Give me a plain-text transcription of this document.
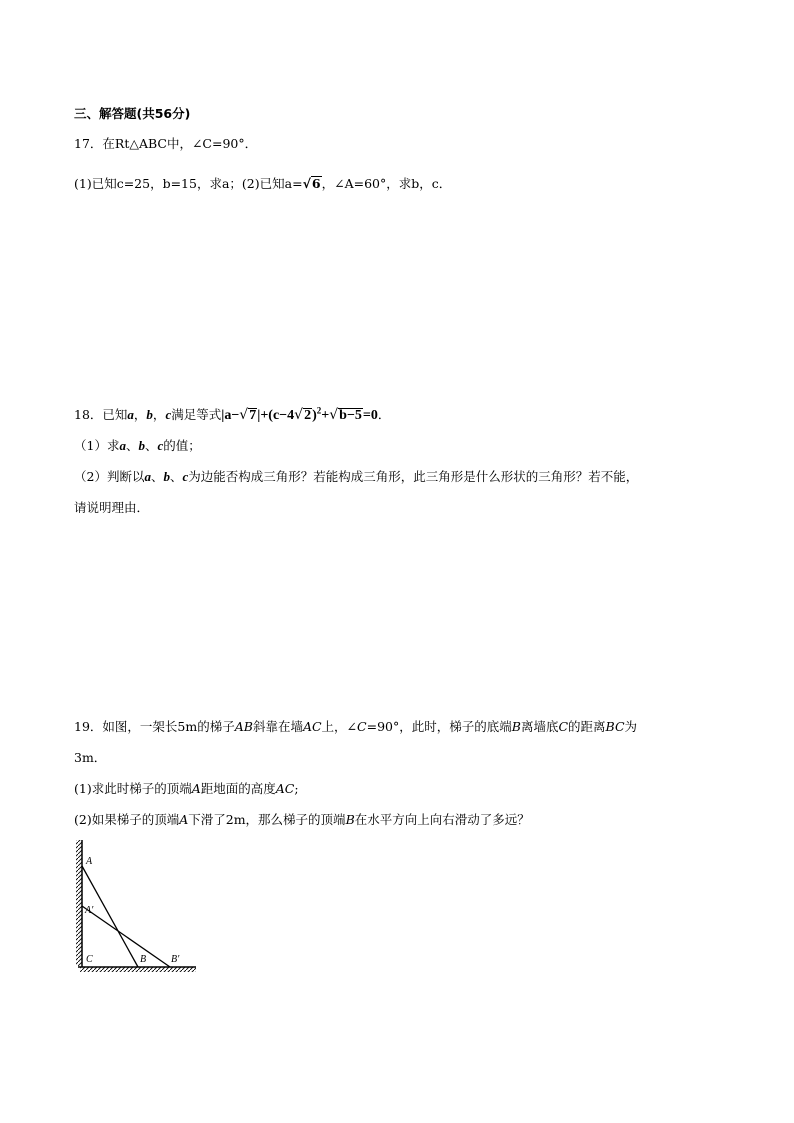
三、解答题(共56分)
17．在Rt△ABC中，∠C=90°．
(1)已知c=25，b=15，求a；(2)已知a=√6，∠A=60°，求b，c．
18．已知a，b，c满足等式$|a-√7|+(c-4√2)^2+√b-5=0$．
（1）求a、b、c的值；
（2）判断以a、b、c为边能否构成三角形？若能构成三角形，此三角形是什么形状的三角形？若不能，
请说明理由．
19．如图，一架长5m的梯子AB斜靠在墙AC上，∠C=90°，此时，梯子的底端B离墙底C的距离BC为
3m．
(1)求此时梯子的顶端A距地面的高度AC;
(2)如果梯子的顶端A下滑了2m，那么梯子的顶端B在水平方向上向右滑动了多远？
A
A′
C	B B′
